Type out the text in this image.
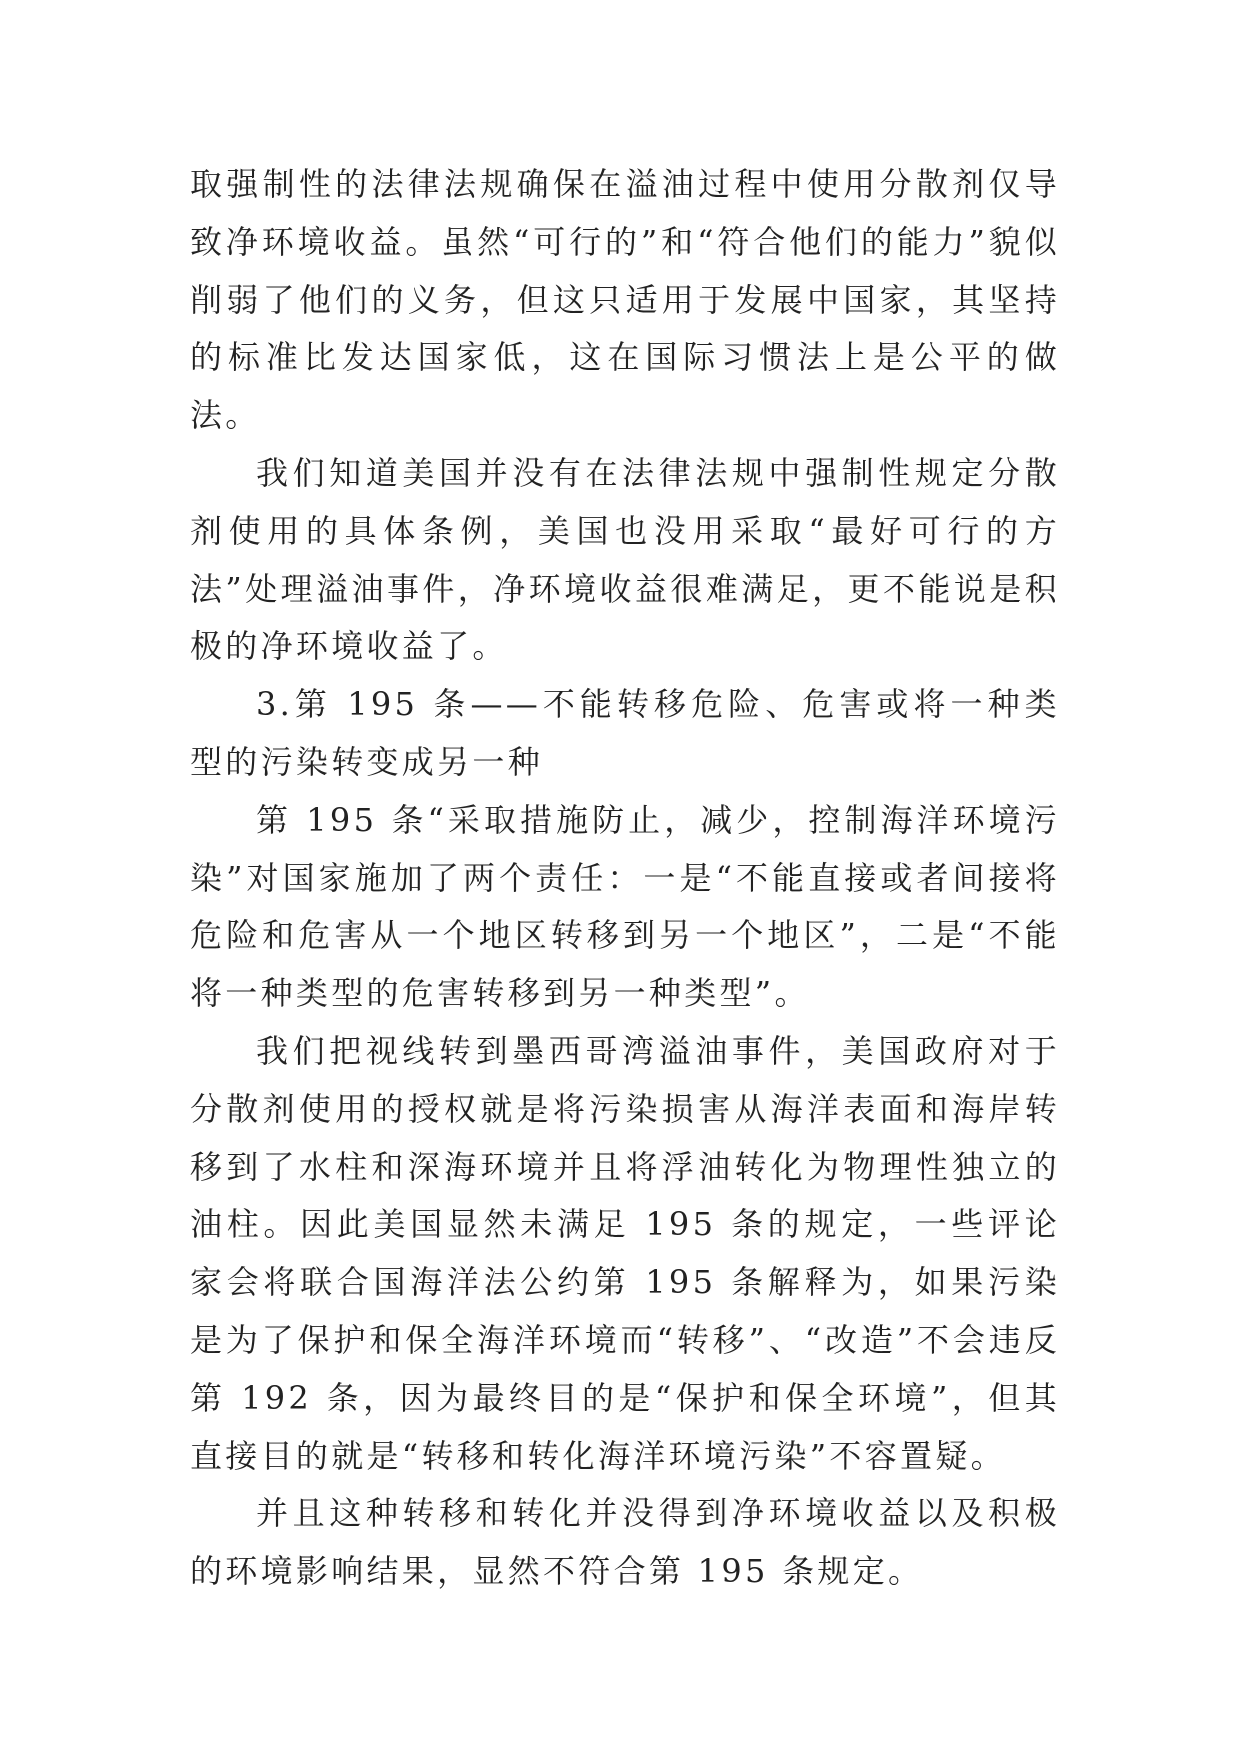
取强制性的法律法规确保在溢油过程中使用分散剂仅导致净环境收益。虽然“可行的”和“符合他们的能力”貌似削弱了他们的义务，但这只适用于发展中国家，其坚持的标准比发达国家低，这在国际习惯法上是公平的做法。

我们知道美国并没有在法律法规中强制性规定分散剂使用的具体条例，美国也没用采取“最好可行的方法”处理溢油事件，净环境收益很难满足，更不能说是积极的净环境收益了。

3.第 195 条——不能转移危险、危害或将一种类型的污染转变成另一种

第 195 条“采取措施防止，减少，控制海洋环境污染”对国家施加了两个责任：一是“不能直接或者间接将危险和危害从一个地区转移到另一个地区”，二是“不能将一种类型的危害转移到另一种类型”。

我们把视线转到墨西哥湾溢油事件，美国政府对于分散剂使用的授权就是将污染损害从海洋表面和海岸转移到了水柱和深海环境并且将浮油转化为物理性独立的油柱。因此美国显然未满足 195 条的规定，一些评论家会将联合国海洋法公约第 195 条解释为，如果污染是为了保护和保全海洋环境而“转移”、“改造”不会违反第 192 条，因为最终目的是“保护和保全环境”，但其直接目的就是“转移和转化海洋环境污染”不容置疑。

并且这种转移和转化并没得到净环境收益以及积极的环境影响结果，显然不符合第 195 条规定。
